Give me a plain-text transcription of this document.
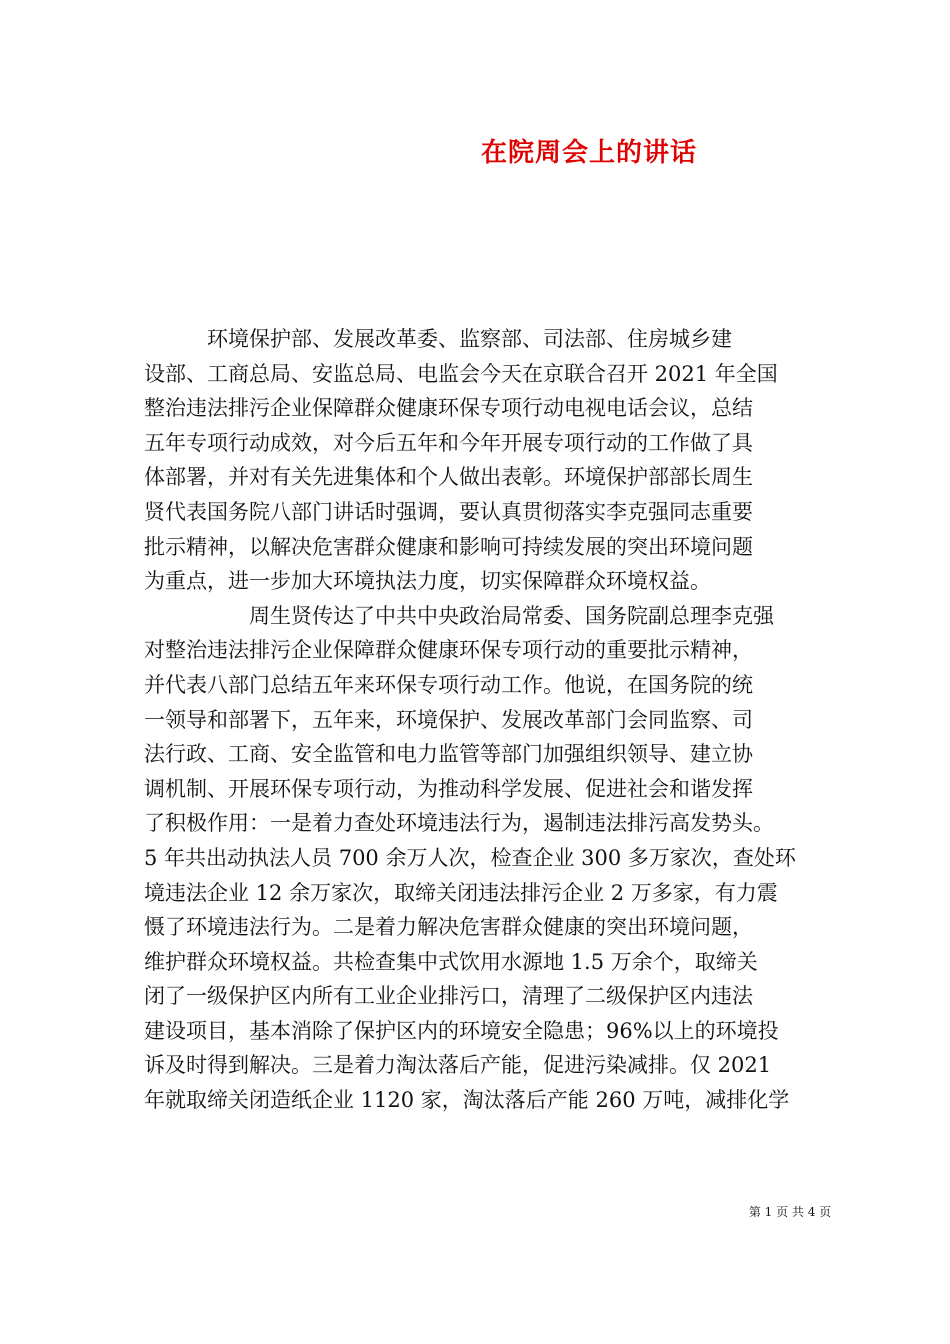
在院周会上的讲话
　　　环境保护部、发展改革委、监察部、司法部、住房城乡建
设部、工商总局、安监总局、电监会今天在京联合召开 2021 年全国
整治违法排污企业保障群众健康环保专项行动电视电话会议，总结
五年专项行动成效，对今后五年和今年开展专项行动的工作做了具
体部署，并对有关先进集体和个人做出表彰。环境保护部部长周生
贤代表国务院八部门讲话时强调，要认真贯彻落实李克强同志重要
批示精神，以解决危害群众健康和影响可持续发展的突出环境问题
为重点，进一步加大环境执法力度，切实保障群众环境权益。
　　　　　周生贤传达了中共中央政治局常委、国务院副总理李克强
对整治违法排污企业保障群众健康环保专项行动的重要批示精神，
并代表八部门总结五年来环保专项行动工作。他说，在国务院的统
一领导和部署下，五年来，环境保护、发展改革部门会同监察、司
法行政、工商、安全监管和电力监管等部门加强组织领导、建立协
调机制、开展环保专项行动，为推动科学发展、促进社会和谐发挥
了积极作用：一是着力查处环境违法行为，遏制违法排污高发势头。
5 年共出动执法人员 700 余万人次，检查企业 300 多万家次，查处环
境违法企业 12 余万家次，取缔关闭违法排污企业 2 万多家，有力震
慑了环境违法行为。二是着力解决危害群众健康的突出环境问题，
维护群众环境权益。共检查集中式饮用水源地 1.5 万余个，取缔关
闭了一级保护区内所有工业企业排污口，清理了二级保护区内违法
建设项目，基本消除了保护区内的环境安全隐患；96%以上的环境投
诉及时得到解决。三是着力淘汰落后产能，促进污染减排。仅 2021
年就取缔关闭造纸企业 1120 家，淘汰落后产能 260 万吨，减排化学
第 1 页 共 4 页
